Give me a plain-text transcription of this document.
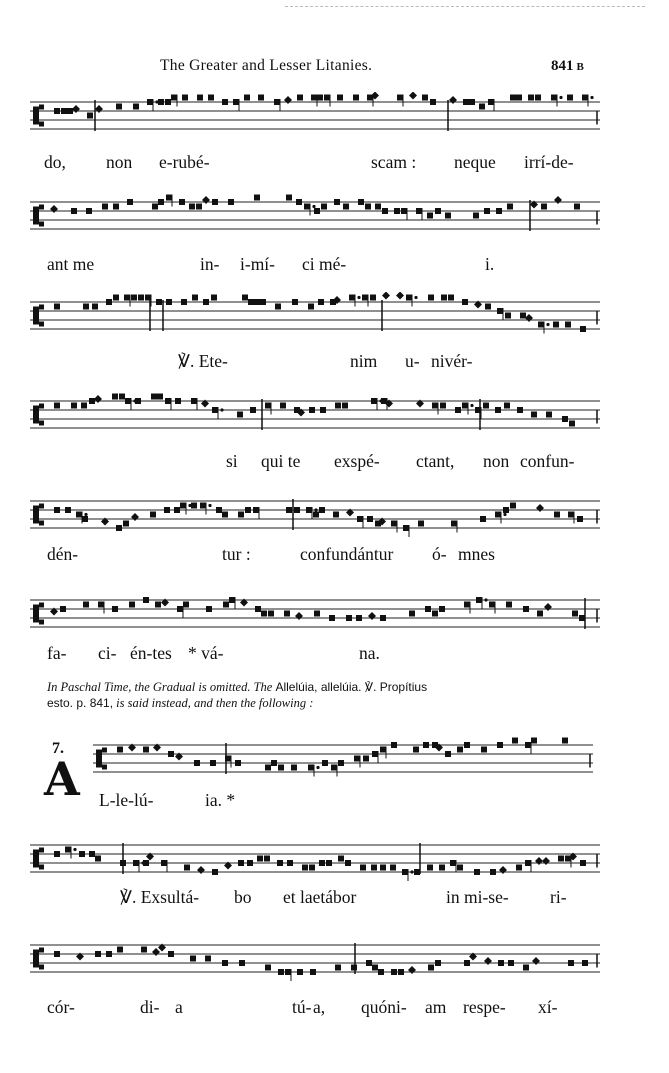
The Greater and Lesser Litanies.	841 B
do, non e-rubé-	scam : neque irrí-de-
ant me	in- i-mí- ci mé-	i.
℣. Ete-	nim u- nivér-
si qui te exspé- ctant, non confun-
dén-	tur :	confundántur ó- mnes
fa- ci- én-tes * vá-	na.
In Paschal Time, the Gradual is omitted. The Allelúia, allelúia. ℣. Propítius
esto. p. 841, is said instead, and then the following :
7.
A L-le-lú-	ia. *
℣. Exsultá- bo et laetábor	in mi-se- ri-
cór-	di- a	tú- a, quóni- am respe- xí-
